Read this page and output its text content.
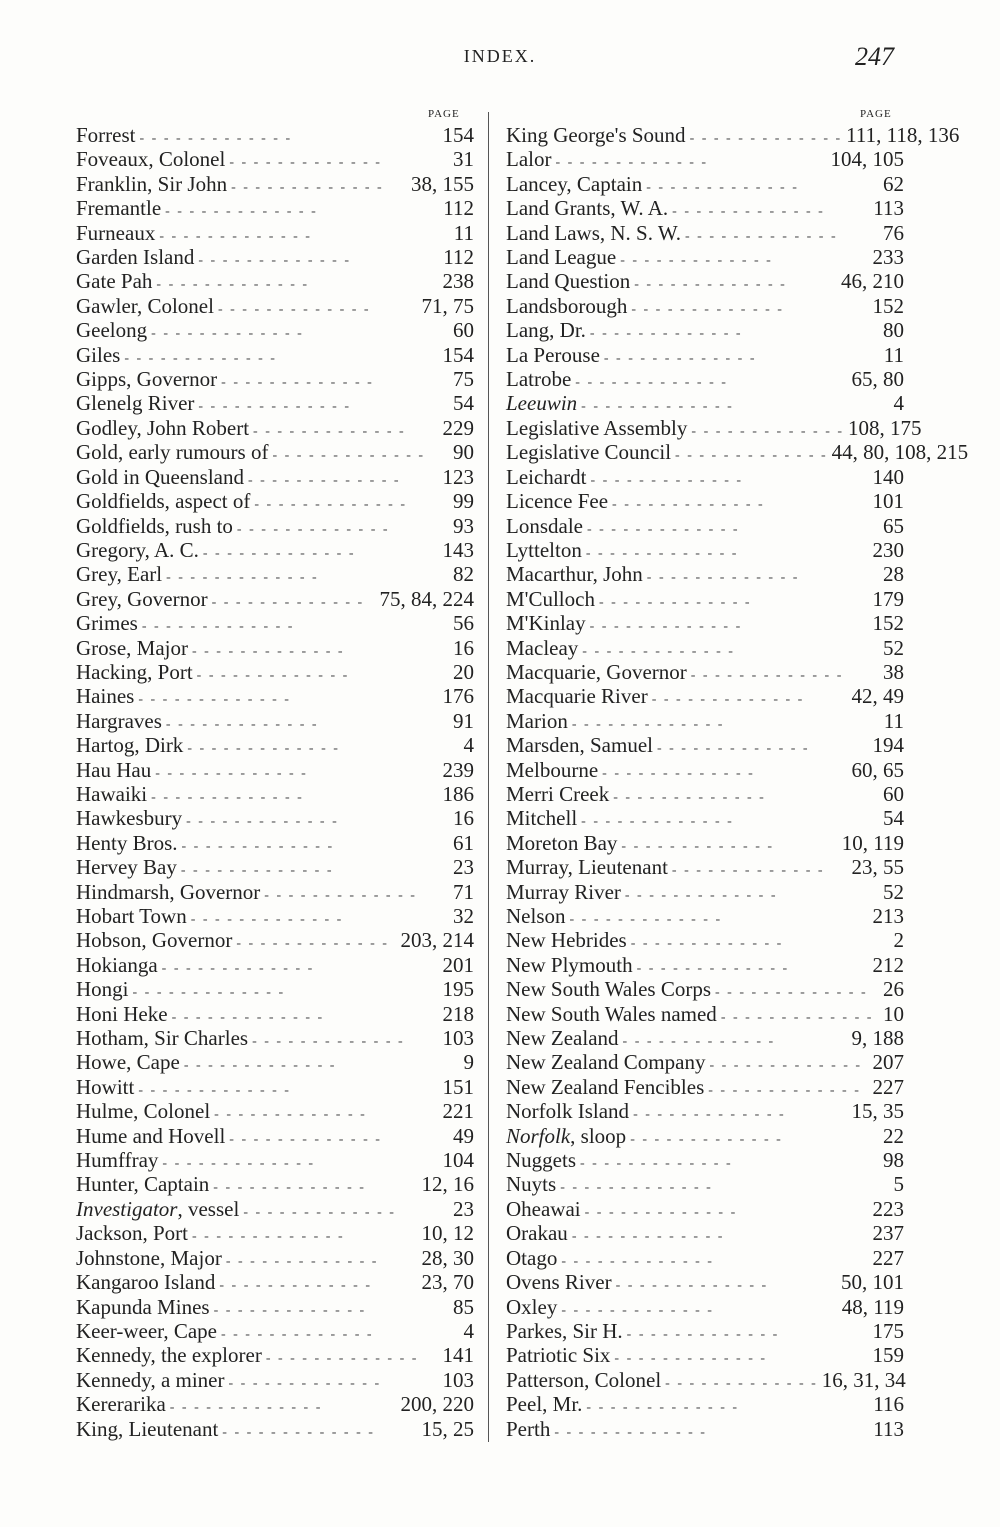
INDEX.	247
PAGE	PAGE
Forrest - - - - - - - - - - - - -	154
Foveaux, Colonel - - - - - - - - - - - - -	31
Franklin, Sir John - - - - - - - - - - - - -	38, 155
Fremantle - - - - - - - - - - - - -	112
Furneaux - - - - - - - - - - - - -	11
Garden Island - - - - - - - - - - - - -	112
Gate Pah - - - - - - - - - - - - -	238
Gawler, Colonel - - - - - - - - - - - - -	71, 75
Geelong - - - - - - - - - - - - -	60
Giles - - - - - - - - - - - - -	154
Gipps, Governor - - - - - - - - - - - - -	75
Glenelg River - - - - - - - - - - - - -	54
Godley, John Robert - - - - - - - - - - - - -	229
Gold, early rumours of - - - - - - - - - - - - -	90
Gold in Queensland - - - - - - - - - - - - -	123
Goldfields, aspect of - - - - - - - - - - - - -	99
Goldfields, rush to - - - - - - - - - - - - -	93
Gregory, A. C. - - - - - - - - - - - - -	143
Grey, Earl - - - - - - - - - - - - -	82
Grey, Governor - - - - - - - - - - - - - 75, 84, 224
Grimes - - - - - - - - - - - - -	56
Grose, Major - - - - - - - - - - - - -	16
Hacking, Port - - - - - - - - - - - - -	20
Haines - - - - - - - - - - - - -	176
Hargraves - - - - - - - - - - - - -	91
Hartog, Dirk - - - - - - - - - - - - -	4
Hau Hau - - - - - - - - - - - - -	239
Hawaiki - - - - - - - - - - - - -	186
Hawkesbury - - - - - - - - - - - - -	16
Henty Bros. - - - - - - - - - - - - -	61
Hervey Bay - - - - - - - - - - - - -	23
Hindmarsh, Governor - - - - - - - - - - - - -	71
Hobart Town - - - - - - - - - - - - -	32
Hobson, Governor - - - - - - - - - - - - - 203, 214
Hokianga - - - - - - - - - - - - -	201
Hongi - - - - - - - - - - - - -	195
Honi Heke - - - - - - - - - - - - -	218
Hotham, Sir Charles - - - - - - - - - - - - -	103
Howe, Cape - - - - - - - - - - - - -	9
Howitt - - - - - - - - - - - - -	151
Hulme, Colonel - - - - - - - - - - - - -	221
Hume and Hovell - - - - - - - - - - - - -	49
Humffray - - - - - - - - - - - - -	104
Hunter, Captain - - - - - - - - - - - - -	12, 16
Investigator, vessel - - - - - - - - - - - - -	23
Jackson, Port - - - - - - - - - - - - -	10, 12
Johnstone, Major - - - - - - - - - - - - -	28, 30
Kangaroo Island - - - - - - - - - - - - -	23, 70
Kapunda Mines - - - - - - - - - - - - -	85
Keer-weer, Cape - - - - - - - - - - - - -	4
Kennedy, the explorer - - - - - - - - - - - - -	141
Kennedy, a miner - - - - - - - - - - - - -	103
Kererarika - - - - - - - - - - - - -	200, 220
King, Lieutenant - - - - - - - - - - - - -	15, 25
King George's Sound - - - - - - - - - - - - - 111, 118, 136
Lalor - - - - - - - - - - - - -	104, 105
Lancey, Captain - - - - - - - - - - - - -	62
Land Grants, W. A. - - - - - - - - - - - - -	113
Land Laws, N. S. W. - - - - - - - - - - - - -	76
Land League - - - - - - - - - - - - -	233
Land Question - - - - - - - - - - - - -	46, 210
Landsborough - - - - - - - - - - - - -	152
Lang, Dr. - - - - - - - - - - - - -	80
La Perouse - - - - - - - - - - - - -	11
Latrobe - - - - - - - - - - - - -	65, 80
Leeuwin - - - - - - - - - - - - -	4
Legislative Assembly - - - - - - - - - - - - - 108, 175
Legislative Council - - - - - - - - - - - - - 44, 80, 108, 215
Leichardt - - - - - - - - - - - - -	140
Licence Fee - - - - - - - - - - - - -	101
Lonsdale - - - - - - - - - - - - -	65
Lyttelton - - - - - - - - - - - - -	230
Macarthur, John - - - - - - - - - - - - -	28
M'Culloch - - - - - - - - - - - - -	179
M'Kinlay - - - - - - - - - - - - -	152
Macleay - - - - - - - - - - - - -	52
Macquarie, Governor - - - - - - - - - - - - -	38
Macquarie River - - - - - - - - - - - - -	42, 49
Marion - - - - - - - - - - - - -	11
Marsden, Samuel - - - - - - - - - - - - -	194
Melbourne - - - - - - - - - - - - -	60, 65
Merri Creek - - - - - - - - - - - - -	60
Mitchell - - - - - - - - - - - - -	54
Moreton Bay - - - - - - - - - - - - -	10, 119
Murray, Lieutenant - - - - - - - - - - - - -	23, 55
Murray River - - - - - - - - - - - - -	52
Nelson - - - - - - - - - - - - -	213
New Hebrides - - - - - - - - - - - - -	2
New Plymouth - - - - - - - - - - - - -	212
New South Wales Corps - - - - - - - - - - - - - 26
New South Wales named - - - - - - - - - - - - - 10
New Zealand - - - - - - - - - - - - -	9, 188
New Zealand Company - - - - - - - - - - - - - 207
New Zealand Fencibles - - - - - - - - - - - - - 227
Norfolk Island - - - - - - - - - - - - -	15, 35
Norfolk, sloop - - - - - - - - - - - - -	22
Nuggets - - - - - - - - - - - - -	98
Nuyts - - - - - - - - - - - - -	5
Oheawai - - - - - - - - - - - - -	223
Orakau - - - - - - - - - - - - -	237
Otago - - - - - - - - - - - - -	227
Ovens River - - - - - - - - - - - - -	50, 101
Oxley - - - - - - - - - - - - -	48, 119
Parkes, Sir H. - - - - - - - - - - - - -	175
Patriotic Six - - - - - - - - - - - - -	159
Patterson, Colonel - - - - - - - - - - - - - 16, 31, 34
Peel, Mr. - - - - - - - - - - - - -	116
Perth - - - - - - - - - - - - -	113
